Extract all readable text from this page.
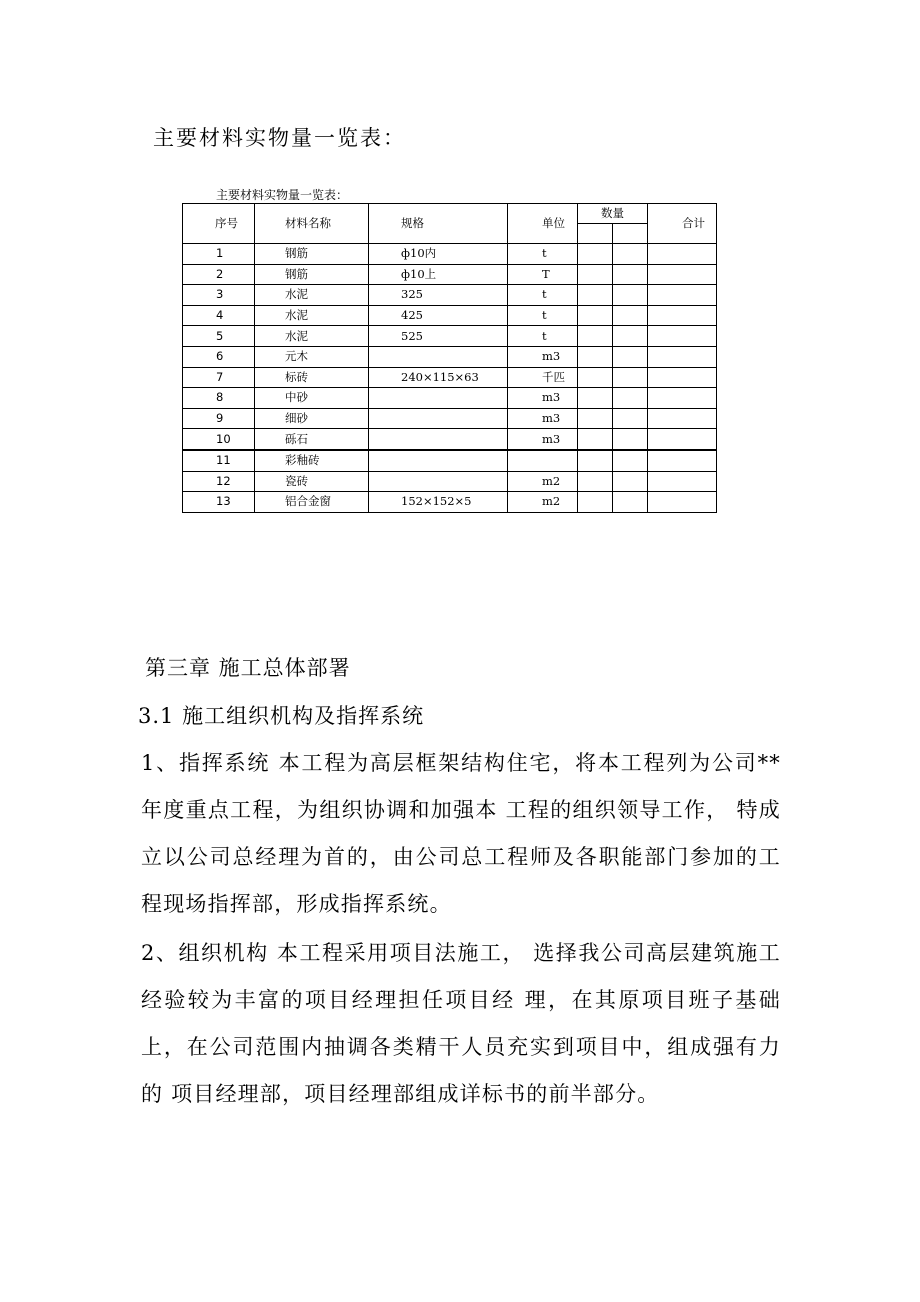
主要材料实物量一览表：
主要材料实物量一览表：
序号	材料名称	规格	单位	数量		合计

1	钢筋	ф10内	t			
2	钢筋	ф10上	T			
3	水泥	325	t			
4	水泥	425	t			
5	水泥	525	t			
6	元木		m3			
7	标砖	240×115×63	千匹			
8	中砂		m3			
9	细砂		m3			
10	砾石		m3			
11	彩釉砖					
12	瓷砖		m2			
13	铝合金窗	152×152×5	m2			
第三章 施工总体部署
3.1 施工组织机构及指挥系统
1、指挥系统 本工程为高层框架结构住宅，将本工程列为公司**年度重点工程，为组织协调和加强本 工程的组织领导工作， 特成立以公司总经理为首的，由公司总工程师及各职能部门参加的工 程现场指挥部，形成指挥系统。
2、组织机构 本工程采用项目法施工， 选择我公司高层建筑施工经验较为丰富的项目经理担任项目经 理，在其原项目班子基础上，在公司范围内抽调各类精干人员充实到项目中，组成强有力的 项目经理部，项目经理部组成详标书的前半部分。
